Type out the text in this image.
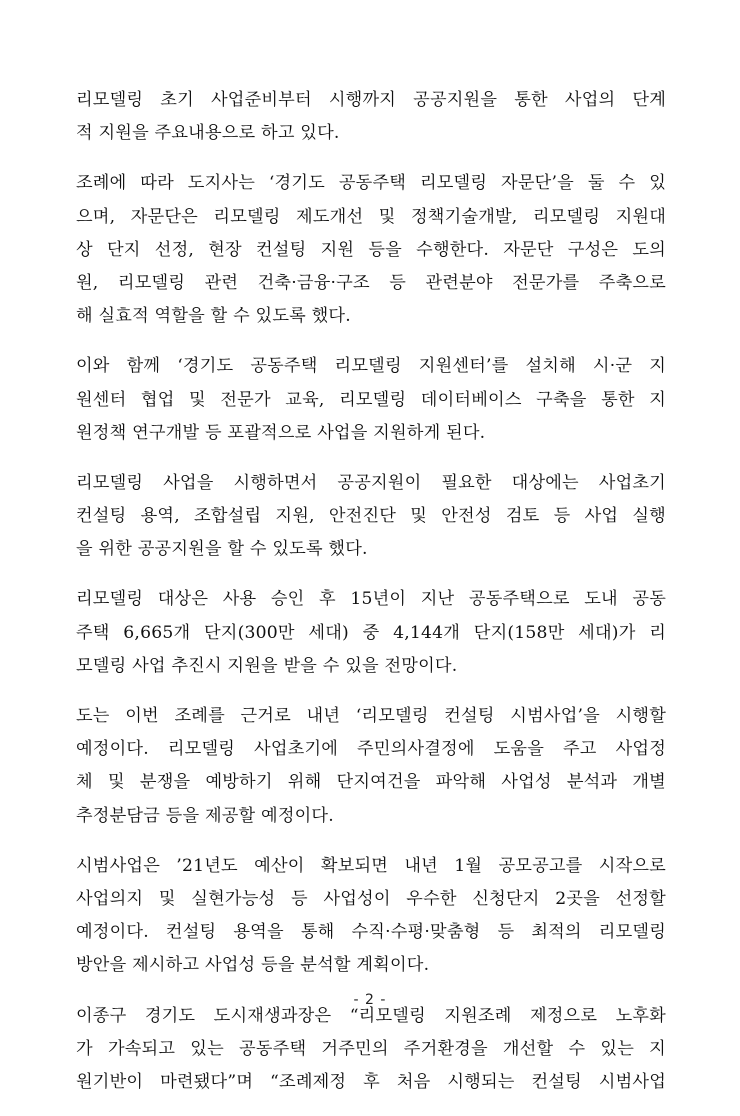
리모델링 초기 사업준비부터 시행까지 공공지원을 통한 사업의 단계
적 지원을 주요내용으로 하고 있다.
조례에 따라 도지사는 ‘경기도 공동주택 리모델링 자문단’을 둘 수 있
으며, 자문단은 리모델링 제도개선 및 정책기술개발, 리모델링 지원대
상 단지 선정, 현장 컨설팅 지원 등을 수행한다. 자문단 구성은 도의
원, 리모델링 관련 건축·금융·구조 등 관련분야 전문가를 주축으로
해 실효적 역할을 할 수 있도록 했다.
이와 함께 ‘경기도 공동주택 리모델링 지원센터’를 설치해 시·군 지
원센터 협업 및 전문가 교육, 리모델링 데이터베이스 구축을 통한 지
원정책 연구개발 등 포괄적으로 사업을 지원하게 된다.
리모델링 사업을 시행하면서 공공지원이 필요한 대상에는 사업초기
컨설팅 용역, 조합설립 지원, 안전진단 및 안전성 검토 등 사업 실행
을 위한 공공지원을 할 수 있도록 했다.
리모델링 대상은 사용 승인 후 15년이 지난 공동주택으로 도내 공동
주택 6,665개 단지(300만 세대) 중 4,144개 단지(158만 세대)가 리
모델링 사업 추진시 지원을 받을 수 있을 전망이다.
도는 이번 조례를 근거로 내년 ‘리모델링 컨설팅 시범사업’을 시행할
예정이다. 리모델링 사업초기에 주민의사결정에 도움을 주고 사업정
체 및 분쟁을 예방하기 위해 단지여건을 파악해 사업성 분석과 개별
추정분담금 등을 제공할 예정이다.
시범사업은 ’21년도 예산이 확보되면 내년 1월 공모공고를 시작으로
사업의지 및 실현가능성 등 사업성이 우수한 신청단지 2곳을 선정할
예정이다. 컨설팅 용역을 통해 수직·수평·맞춤형 등 최적의 리모델링
방안을 제시하고 사업성 등을 분석할 계획이다.
이종구 경기도 도시재생과장은 “리모델링 지원조례 제정으로 노후화
가 가속되고 있는 공동주택 거주민의 주거환경을 개선할 수 있는 지
원기반이 마련됐다”며 “조례제정 후 처음 시행되는 컨설팅 시범사업
- 2 -
